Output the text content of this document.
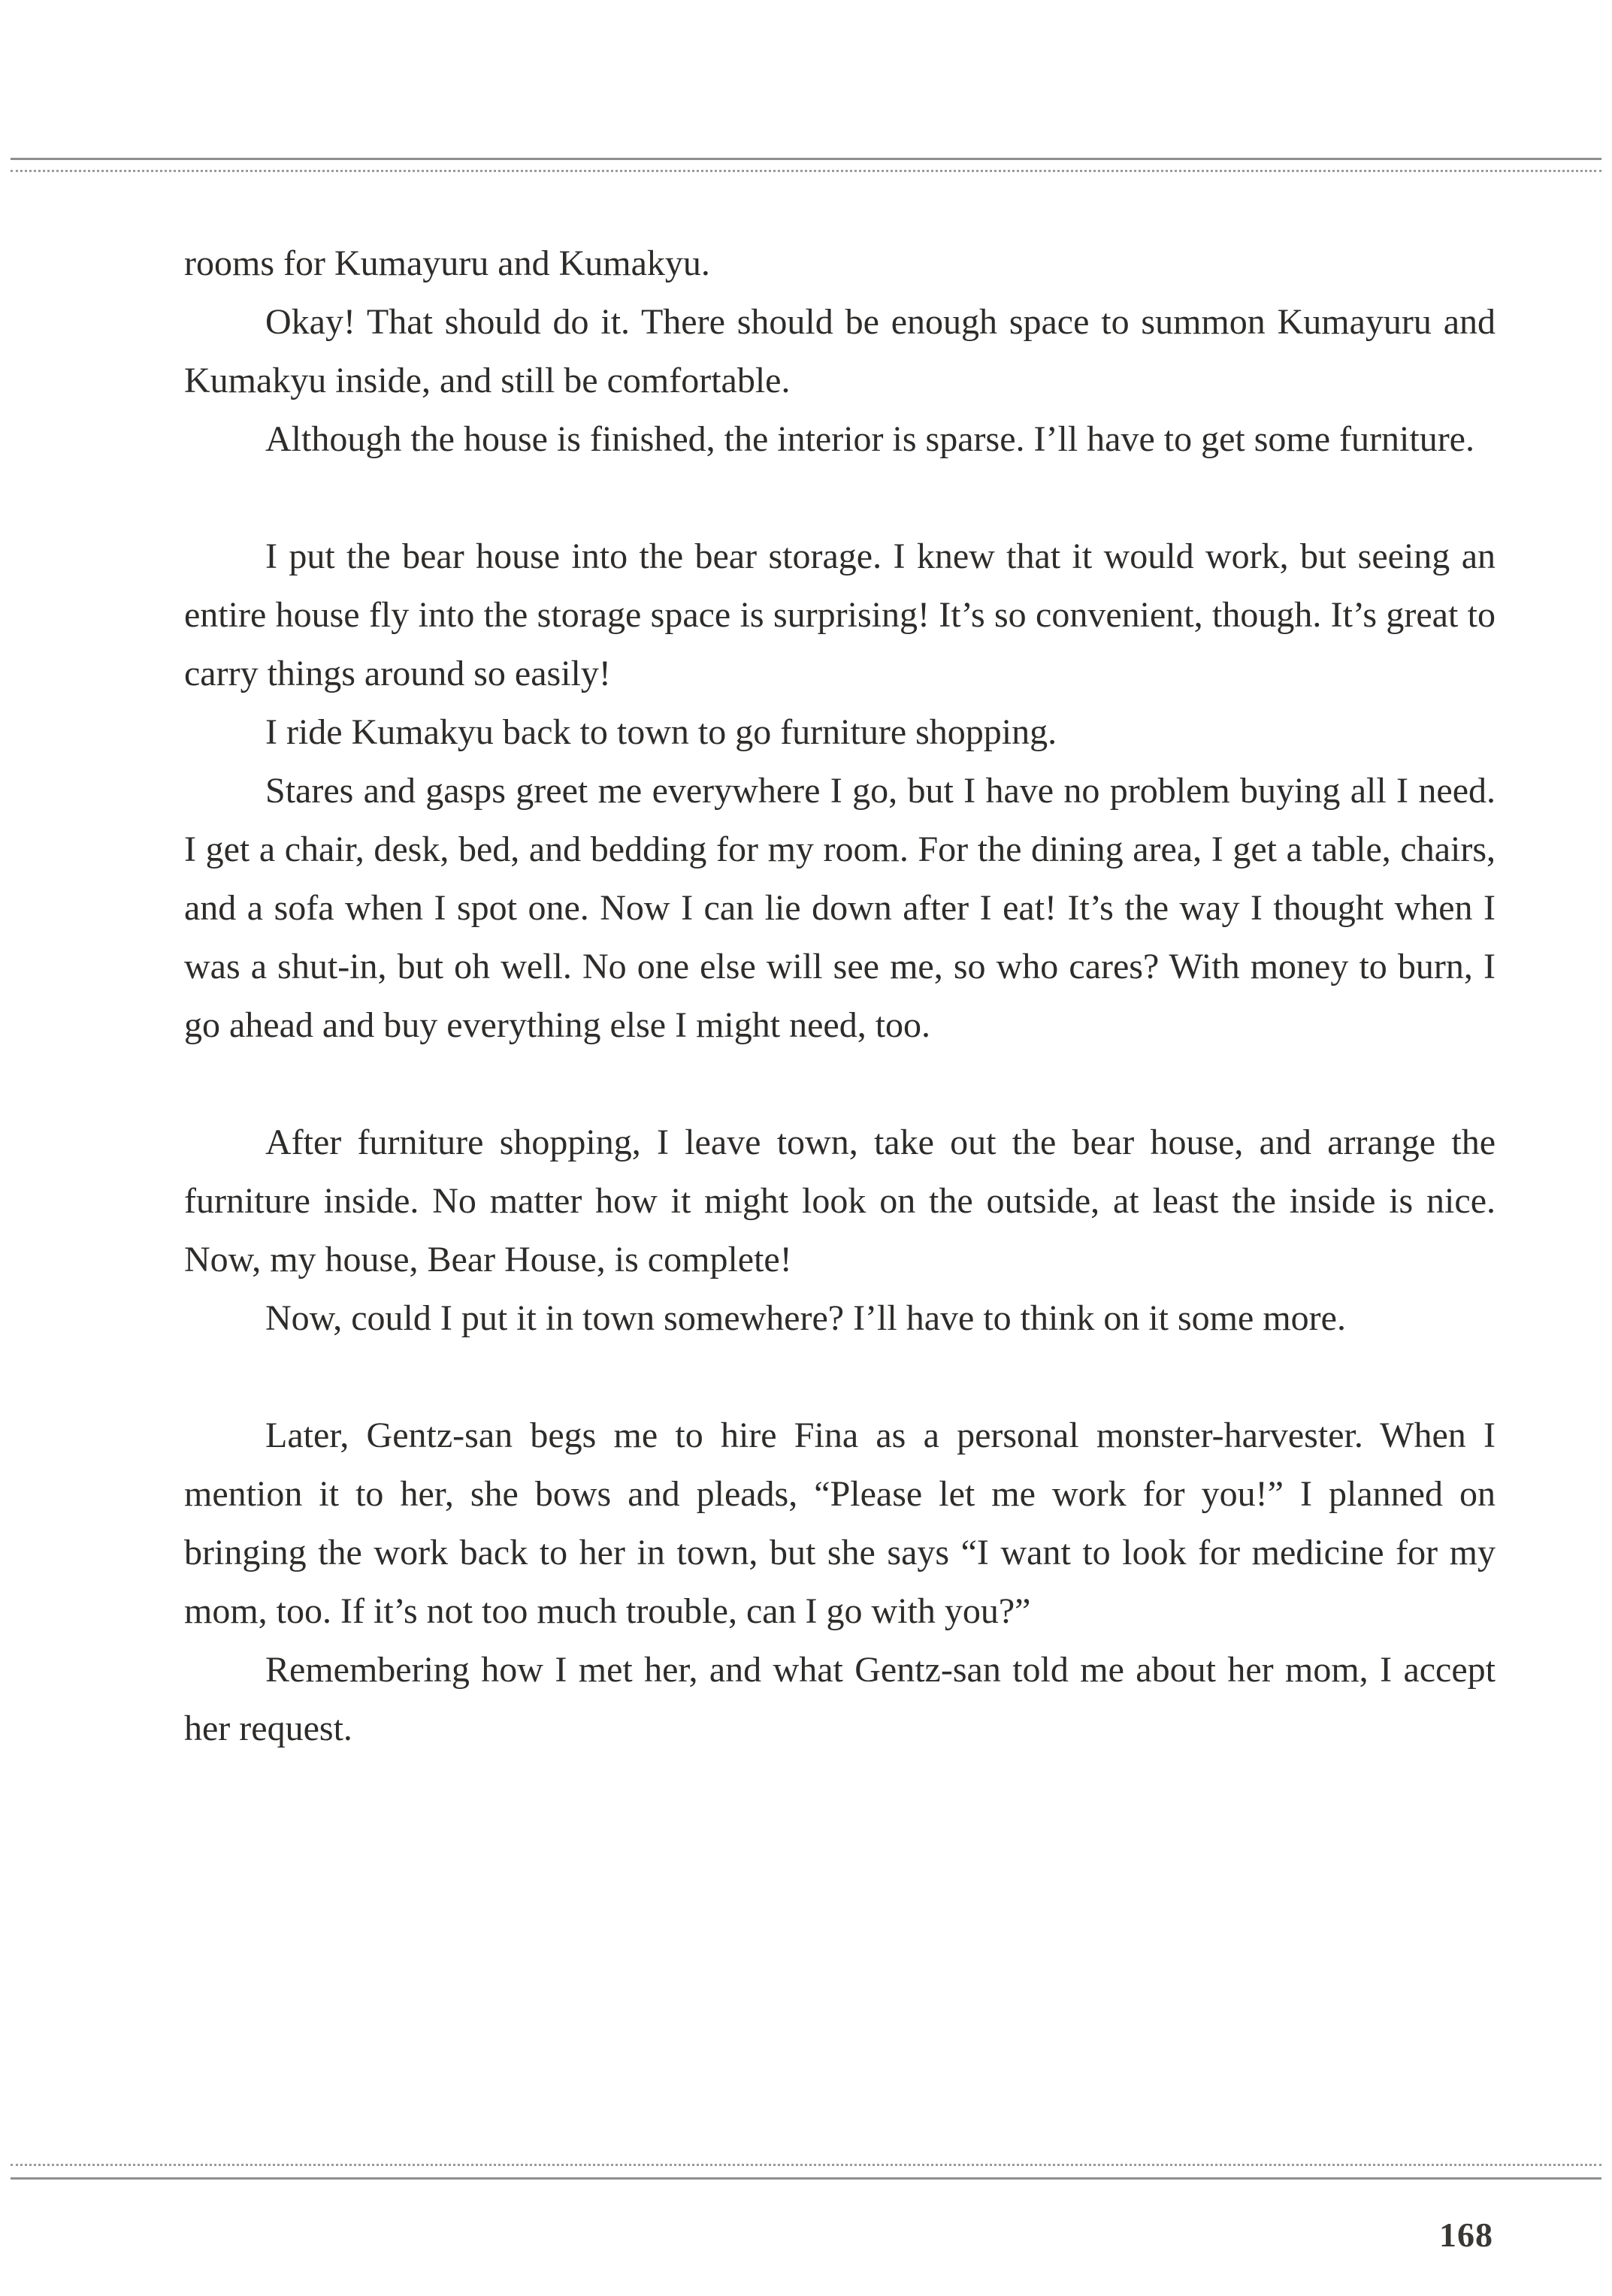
rooms for Kumayuru and Kumakyu.

Okay! That should do it. There should be enough space to summon Kumayuru and Kumakyu inside, and still be comfortable.

Although the house is finished, the interior is sparse. I’ll have to get some furniture.

I put the bear house into the bear storage. I knew that it would work, but seeing an entire house fly into the storage space is surprising! It’s so convenient, though. It’s great to carry things around so easily!

I ride Kumakyu back to town to go furniture shopping.

Stares and gasps greet me everywhere I go, but I have no problem buying all I need. I get a chair, desk, bed, and bedding for my room. For the dining area, I get a table, chairs, and a sofa when I spot one. Now I can lie down after I eat! It’s the way I thought when I was a shut-in, but oh well. No one else will see me, so who cares? With money to burn, I go ahead and buy everything else I might need, too.

After furniture shopping, I leave town, take out the bear house, and arrange the furniture inside. No matter how it might look on the outside, at least the inside is nice. Now, my house, Bear House, is complete!

Now, could I put it in town somewhere? I’ll have to think on it some more.

Later, Gentz-san begs me to hire Fina as a personal monster-harvester. When I mention it to her, she bows and pleads, “Please let me work for you!” I planned on bringing the work back to her in town, but she says “I want to look for medicine for my mom, too. If it’s not too much trouble, can I go with you?”

Remembering how I met her, and what Gentz-san told me about her mom, I accept her request.

168
